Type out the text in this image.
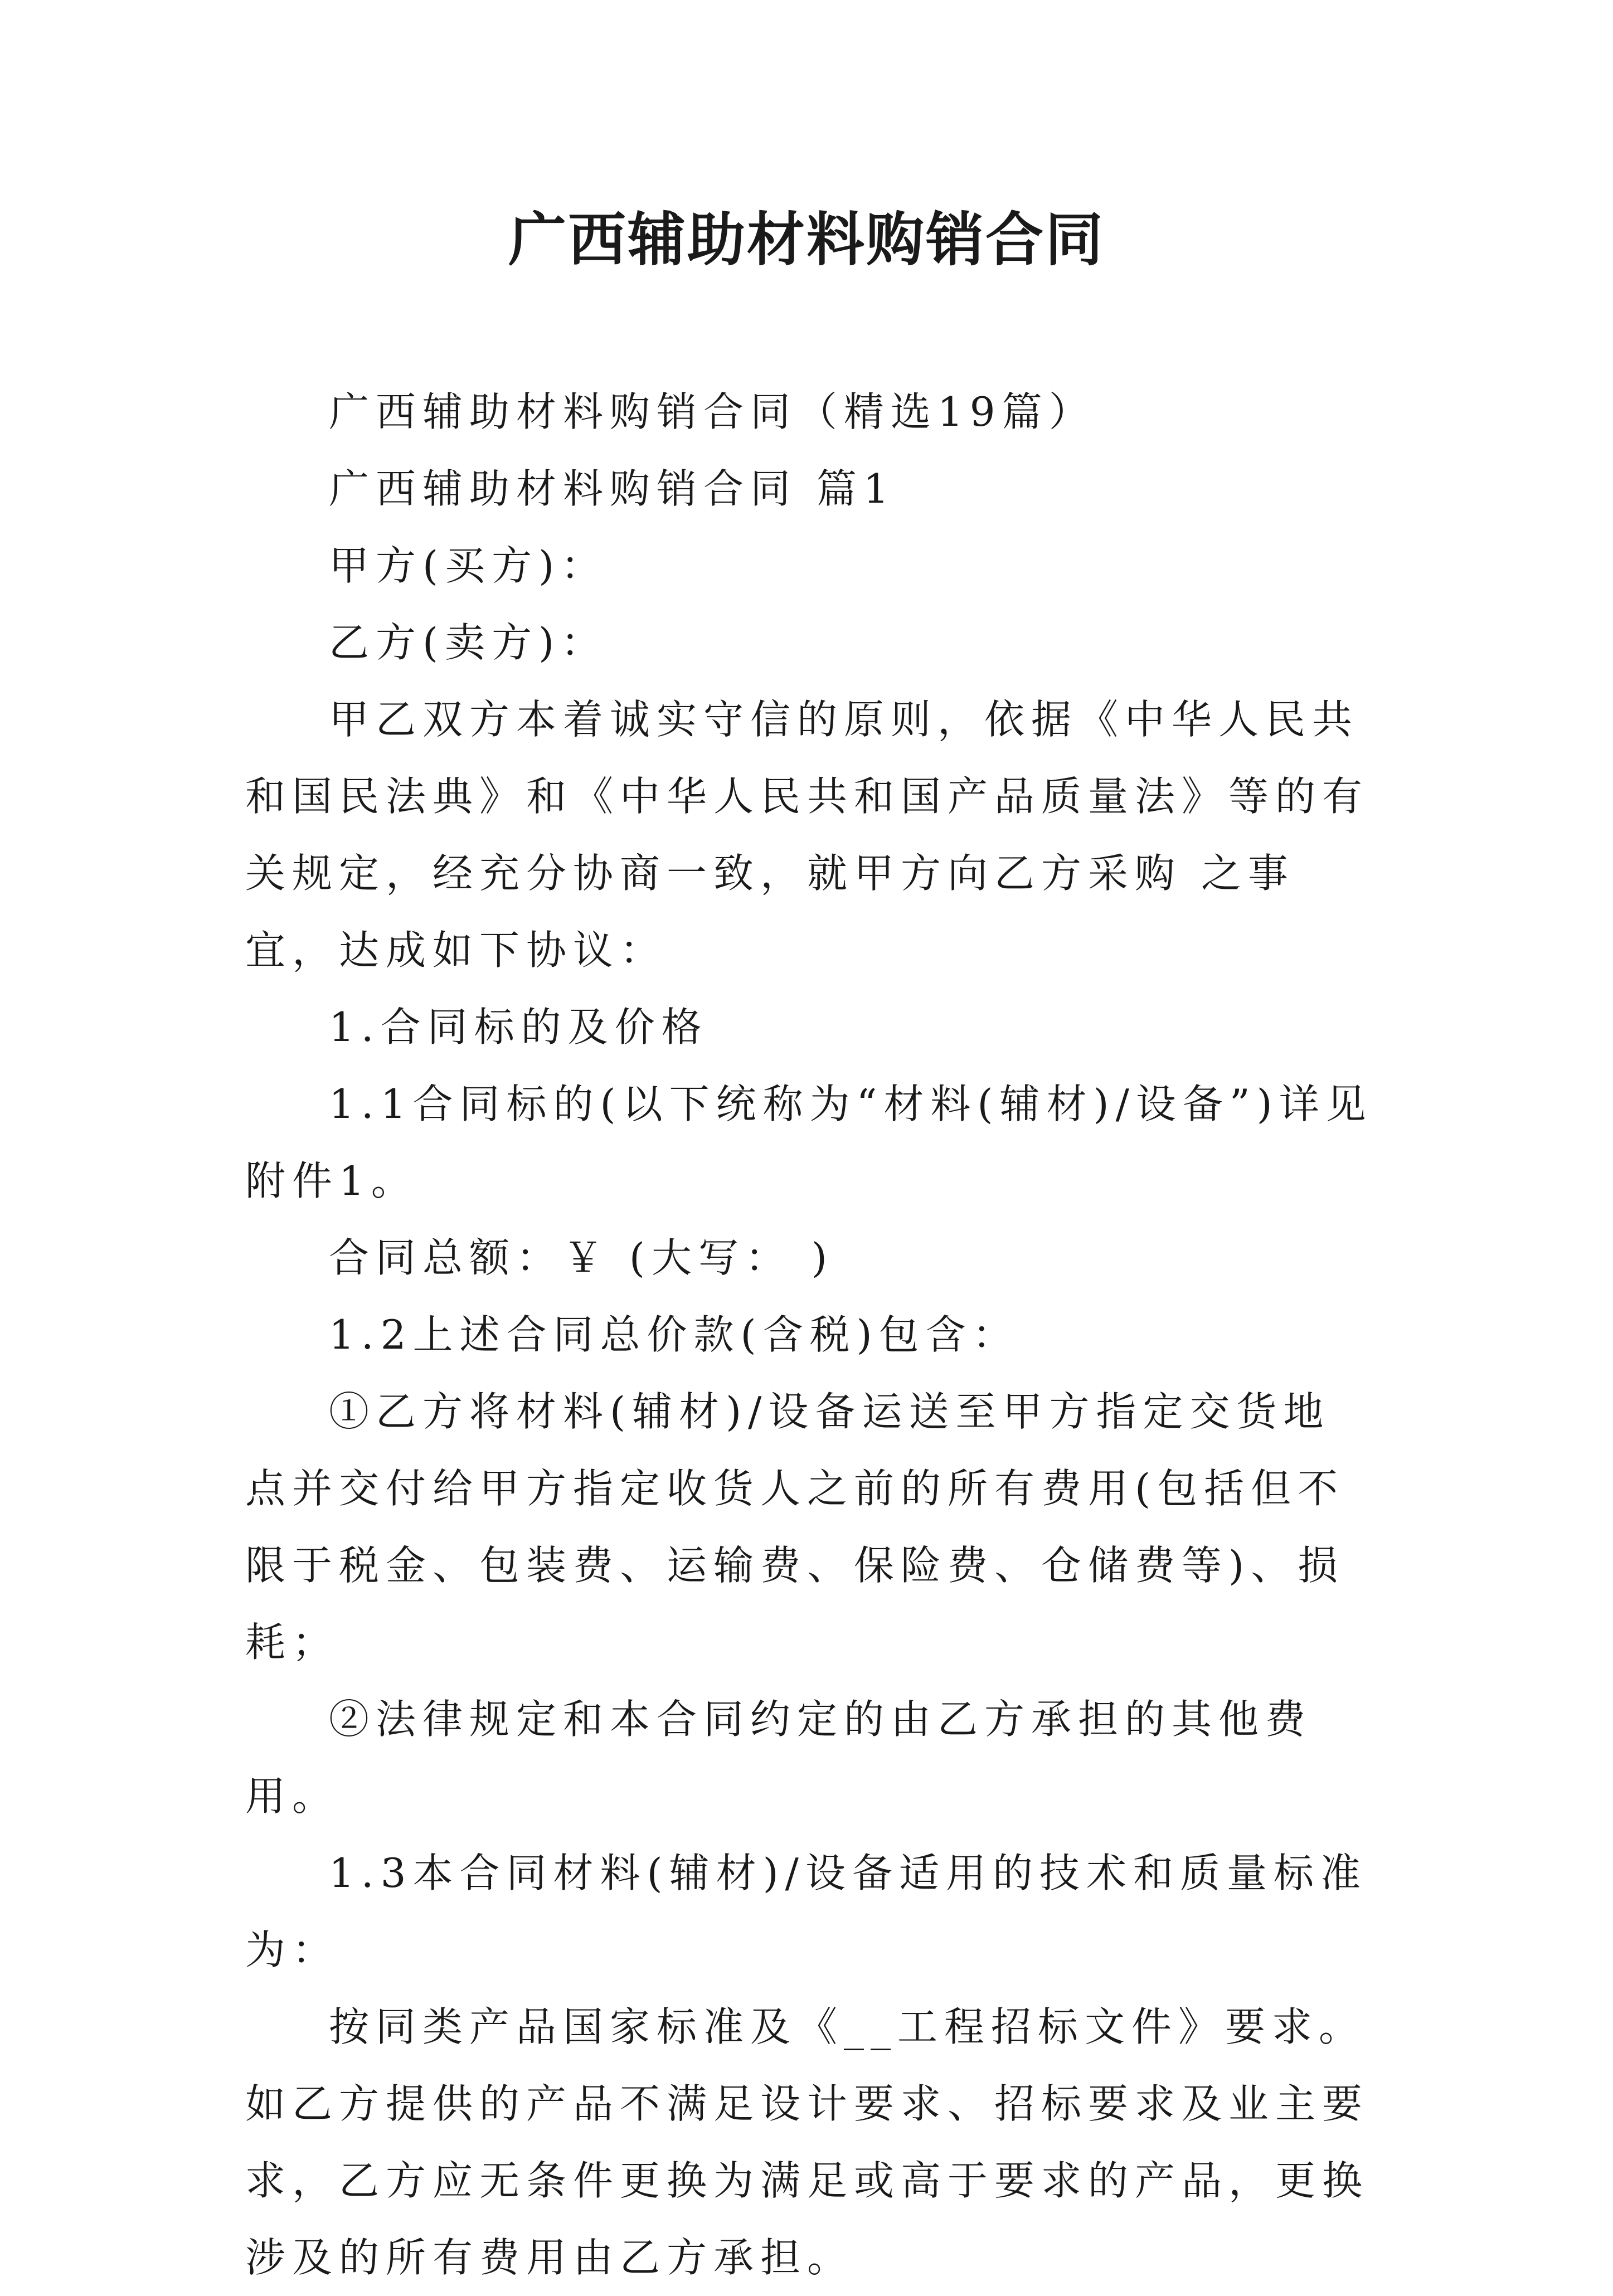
广西辅助材料购销合同

广西辅助材料购销合同（精选19篇）

广西辅助材料购销合同 篇1

甲方(买方)：

乙方(卖方)：

甲乙双方本着诚实守信的原则，依据《中华人民共和国民法典》和《中华人民共和国产品质量法》等的有关规定，经充分协商一致，就甲方向乙方采购 之事宜，达成如下协议：

1.合同标的及价格

1.1合同标的(以下统称为“材料(辅材)/设备”)详见附件1。

合同总额：￥ (大写： )

1.2上述合同总价款(含税)包含：

①乙方将材料(辅材)/设备运送至甲方指定交货地点并交付给甲方指定收货人之前的所有费用(包括但不限于税金、包装费、运输费、保险费、仓储费等)、损耗；

②法律规定和本合同约定的由乙方承担的其他费用。

1.3本合同材料(辅材)/设备适用的技术和质量标准为：

按同类产品国家标准及《__工程招标文件》要求。如乙方提供的产品不满足设计要求、招标要求及业主要求，乙方应无条件更换为满足或高于要求的产品，更换涉及的所有费用由乙方承担。
